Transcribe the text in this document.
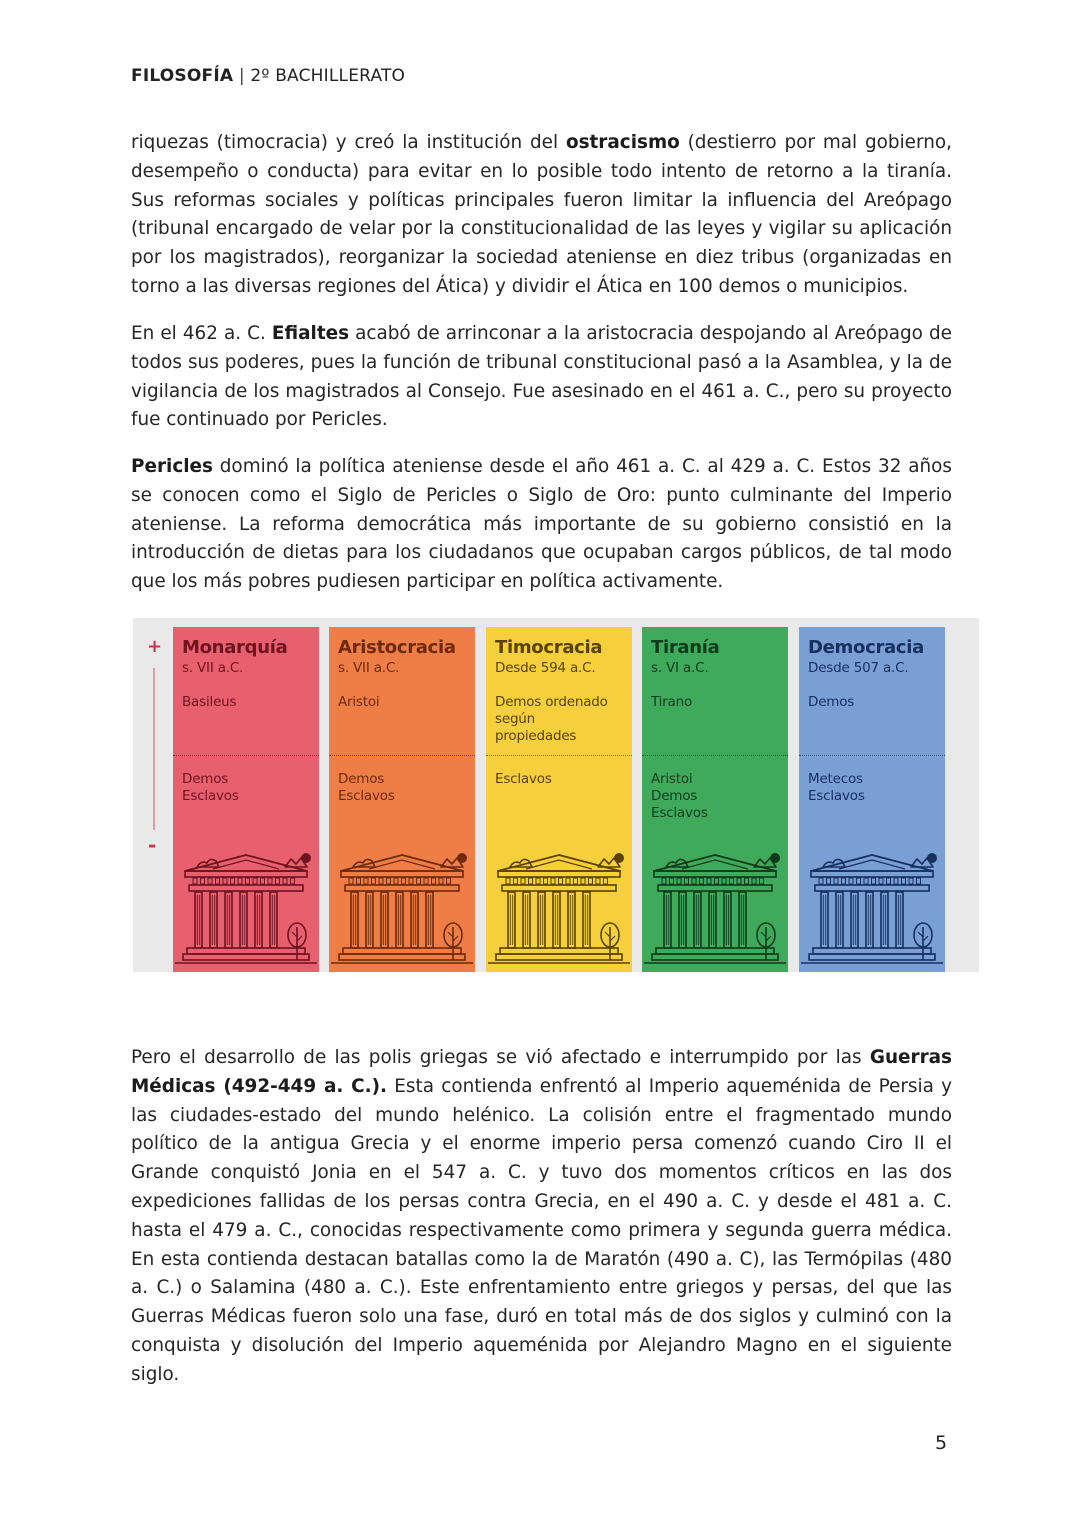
FILOSOFÍA | 2º BACHILLERATO

riquezas (timocracia) y creó la institución del ostracismo (destierro por mal gobierno, desempeño o conducta) para evitar en lo posible todo intento de retorno a la tiranía. Sus reformas sociales y políticas principales fueron limitar la influencia del Areópago (tribunal encargado de velar por la constitucionalidad de las leyes y vigilar su aplicación por los magistrados), reorganizar la sociedad ateniense en diez tribus (organizadas en torno a las diversas regiones del Ática) y dividir el Ática en 100 demos o municipios.

En el 462 a. C. Efialtes acabó de arrinconar a la aristocracia despojando al Areópago de todos sus poderes, pues la función de tribunal constitucional pasó a la Asamblea, y la de vigilancia de los magistrados al Consejo. Fue asesinado en el 461 a. C., pero su proyecto fue continuado por Pericles.

Pericles dominó la política ateniense desde el año 461 a. C. al 429 a. C. Estos 32 años se conocen como el Siglo de Pericles o Siglo de Oro: punto culminante del Imperio ateniense. La reforma democrática más importante de su gobierno consistió en la introducción de dietas para los ciudadanos que ocupaban cargos públicos, de tal modo que los más pobres pudiesen participar en política activamente.

+
-
Monarquía
s. VII a.C.
Basileus
Demos
Esclavos
Aristocracia
s. VII a.C.
Aristoi
Demos
Esclavos
Timocracia
Desde 594 a.C.
Demos ordenado
según
propiedades
Esclavos
Tiranía
s. VI a.C.
Tirano
Aristoi
Demos
Esclavos
Democracia
Desde 507 a.C.
Demos
Metecos
Esclavos

Pero el desarrollo de las polis griegas se vió afectado e interrumpido por las Guerras Médicas (492-449 a. C.). Esta contienda enfrentó al Imperio aqueménida de Persia y las ciudades-estado del mundo helénico. La colisión entre el fragmentado mundo político de la antigua Grecia y el enorme imperio persa comenzó cuando Ciro II el Grande conquistó Jonia en el 547 a. C. y tuvo dos momentos críticos en las dos expediciones fallidas de los persas contra Grecia, en el 490 a. C. y desde el 481 a. C. hasta el 479 a. C., conocidas respectivamente como primera y segunda guerra médica. En esta contienda destacan batallas como la de Maratón (490 a. C), las Termópilas (480 a. C.) o Salamina (480 a. C.). Este enfrentamiento entre griegos y persas, del que las Guerras Médicas fueron solo una fase, duró en total más de dos siglos y culminó con la conquista y disolución del Imperio aqueménida por Alejandro Magno en el siguiente siglo.

5
